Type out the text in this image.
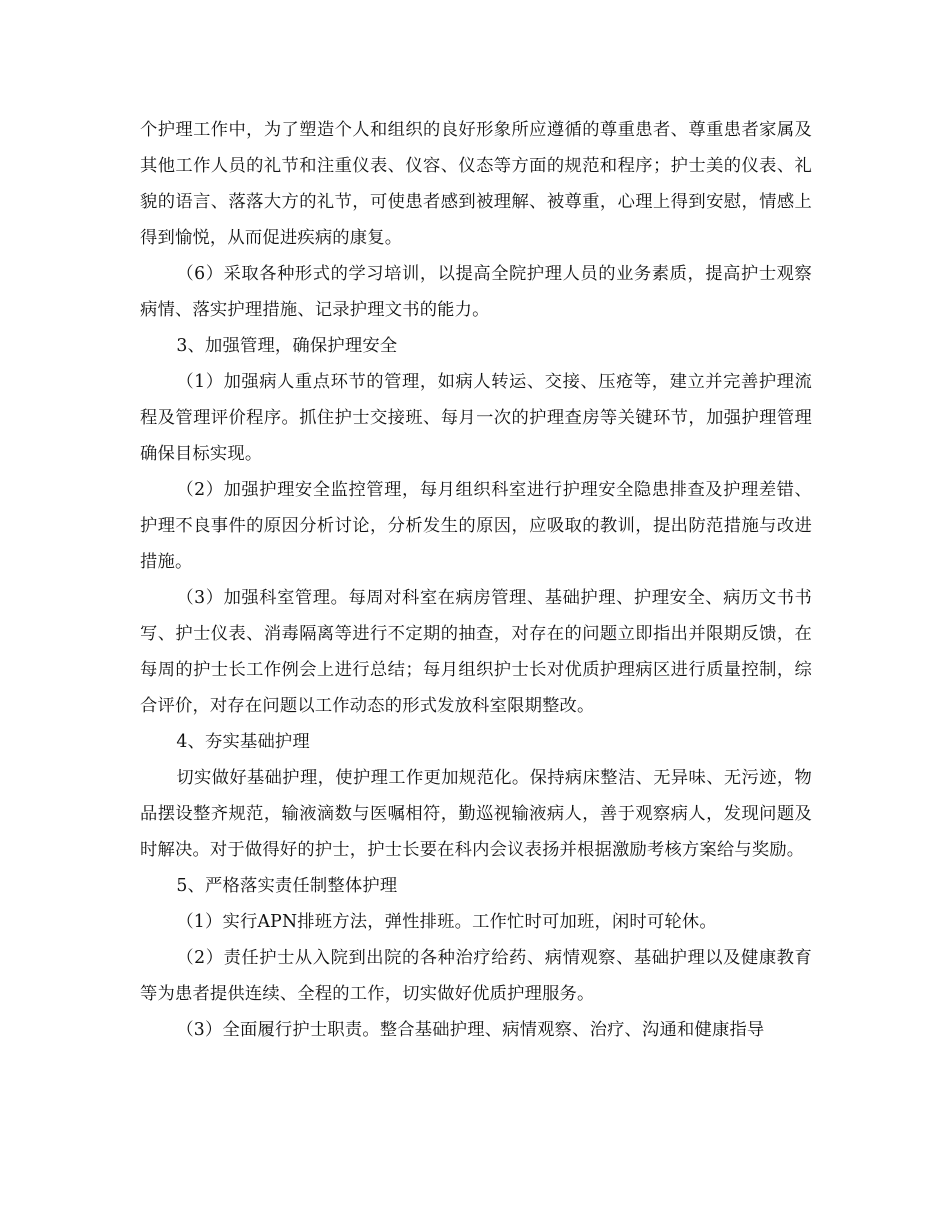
个护理工作中，为了塑造个人和组织的良好形象所应遵循的尊重患者、尊重患者家属及其他工作人员的礼节和注重仪表、仪容、仪态等方面的规范和程序；护士美的仪表、礼貌的语言、落落大方的礼节，可使患者感到被理解、被尊重，心理上得到安慰，情感上得到愉悦，从而促进疾病的康复。

（6）采取各种形式的学习培训，以提高全院护理人员的业务素质，提高护士观察病情、落实护理措施、记录护理文书的能力。

3、加强管理，确保护理安全

（1）加强病人重点环节的管理，如病人转运、交接、压疮等，建立并完善护理流程及管理评价程序。抓住护士交接班、每月一次的护理查房等关键环节，加强护理管理确保目标实现。

（2）加强护理安全监控管理，每月组织科室进行护理安全隐患排查及护理差错、护理不良事件的原因分析讨论，分析发生的原因，应吸取的教训，提出防范措施与改进措施。

（3）加强科室管理。每周对科室在病房管理、基础护理、护理安全、病历文书书写、护士仪表、消毒隔离等进行不定期的抽查，对存在的问题立即指出并限期反馈，在每周的护士长工作例会上进行总结；每月组织护士长对优质护理病区进行质量控制，综合评价，对存在问题以工作动态的形式发放科室限期整改。

4、夯实基础护理

切实做好基础护理，使护理工作更加规范化。保持病床整洁、无异味、无污迹，物品摆设整齐规范，输液滴数与医嘱相符，勤巡视输液病人，善于观察病人，发现问题及时解决。对于做得好的护士，护士长要在科内会议表扬并根据激励考核方案给与奖励。

5、严格落实责任制整体护理

（1）实行APN排班方法，弹性排班。工作忙时可加班，闲时可轮休。

（2）责任护士从入院到出院的各种治疗给药、病情观察、基础护理以及健康教育等为患者提供连续、全程的工作，切实做好优质护理服务。

（3）全面履行护士职责。整合基础护理、病情观察、治疗、沟通和健康指导
